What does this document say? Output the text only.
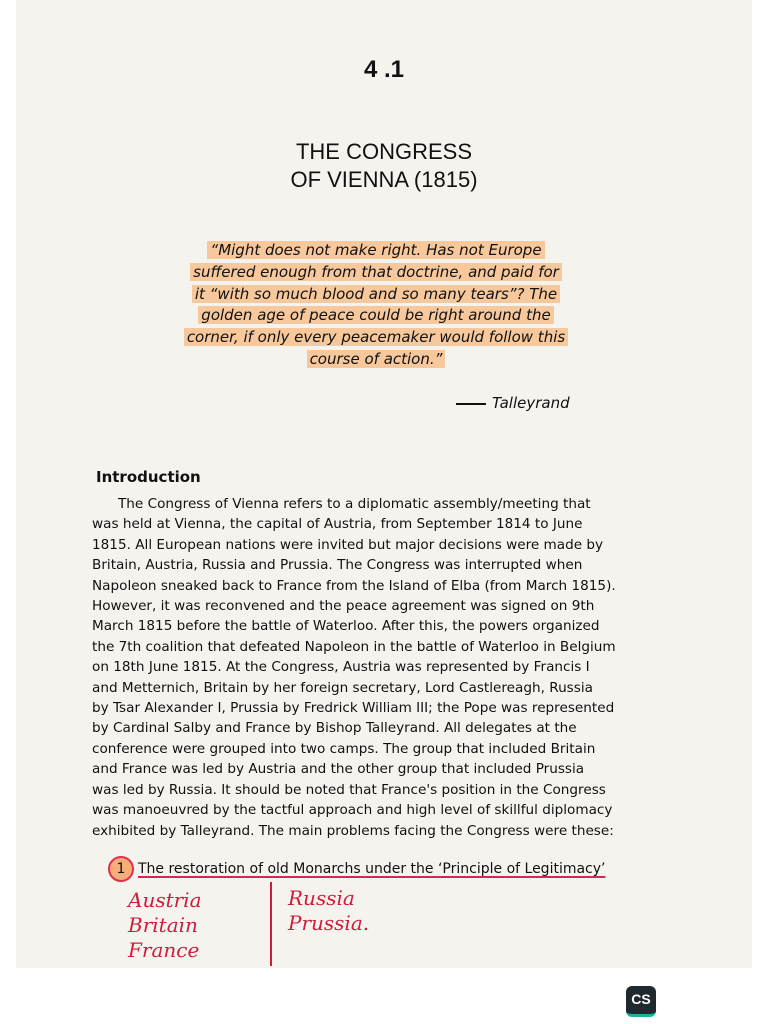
4 .1
THE CONGRESS
OF VIENNA (1815)
“Might does not make right. Has not Europe
suffered enough from that doctrine, and paid for
it “with so much blood and so many tears”? The
golden age of peace could be right around the
corner, if only every peacemaker would follow this
course of action.”
Talleyrand
Introduction
The Congress of Vienna refers to a diplomatic assembly/meeting that
was held at Vienna, the capital of Austria, from September 1814 to June
1815. All European nations were invited but major decisions were made by
Britain, Austria, Russia and Prussia. The Congress was interrupted when
Napoleon sneaked back to France from the Island of Elba (from March 1815).
However, it was reconvened and the peace agreement was signed on 9th
March 1815 before the battle of Waterloo. After this, the powers organized
the 7th coalition that defeated Napoleon in the battle of Waterloo in Belgium
on 18th June 1815. At the Congress, Austria was represented by Francis I
and Metternich, Britain by her foreign secretary, Lord Castlereagh, Russia
by Tsar Alexander I, Prussia by Fredrick William III; the Pope was represented
by Cardinal Salby and France by Bishop Talleyrand. All delegates at the
conference were grouped into two camps. The group that included Britain
and France was led by Austria and the other group that included Prussia
was led by Russia. It should be noted that France's position in the Congress
was manoeuvred by the tactful approach and high level of skillful diplomacy
exhibited by Talleyrand. The main problems facing the Congress were these:
1 The restoration of old Monarchs under the ‘Principle of Legitimacy’
Austria
Britain
France
Russia
Prussia.
CS
